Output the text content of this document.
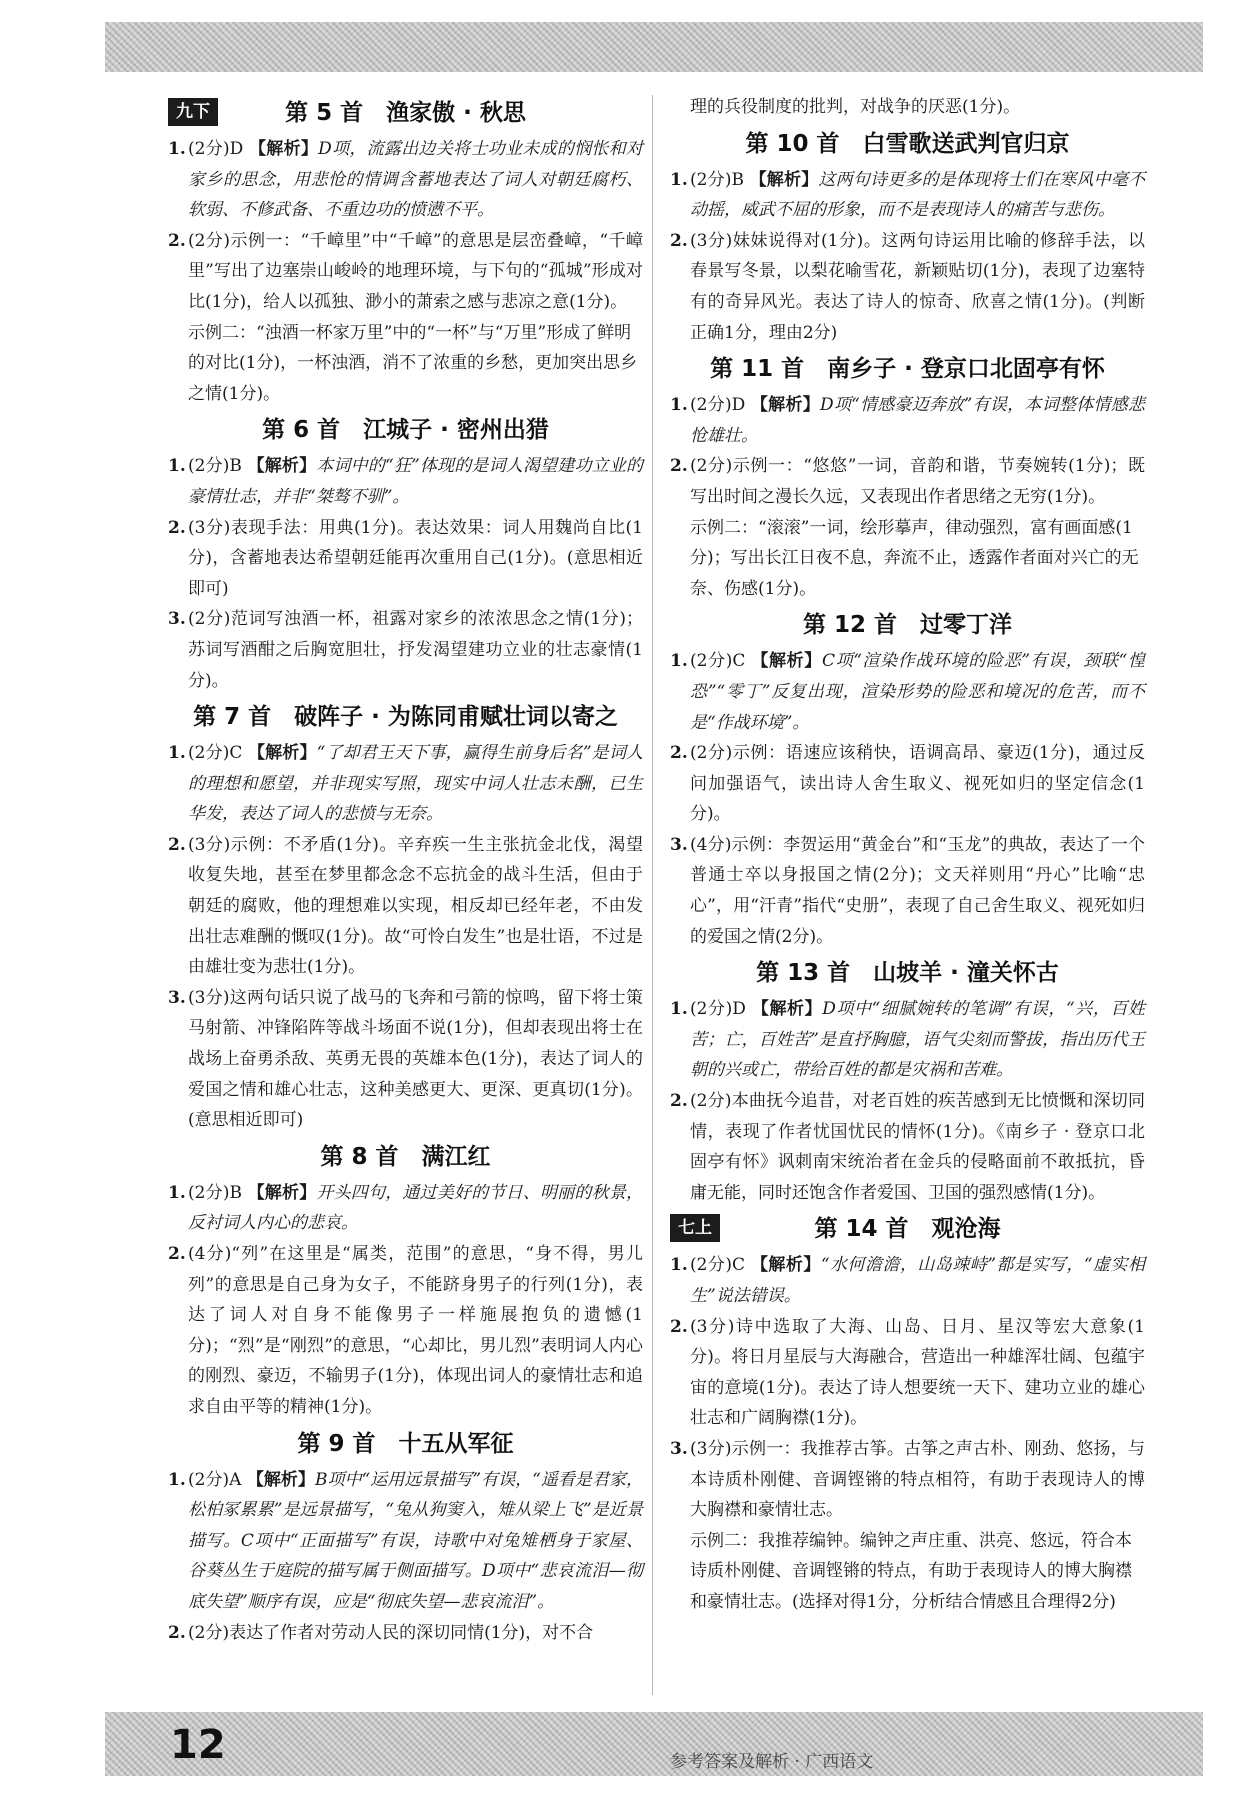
九下	第 5 首　渔家傲 · 秋思

1. (2分)D 【解析】D项，流露出边关将士功业未成的悯怅和对家乡的思念，用悲怆的情调含蓄地表达了词人对朝廷腐朽、软弱、不修武备、不重边功的愤懑不平。

2. (2分)示例一：“千嶂里”中“千嶂”的意思是层峦叠嶂，“千嶂里”写出了边塞崇山峻岭的地理环境，与下句的“孤城”形成对比(1分)，给人以孤独、渺小的萧索之感与悲凉之意(1分)。

示例二：“浊酒一杯家万里”中的“一杯”与“万里”形成了鲜明的对比(1分)，一杯浊酒，消不了浓重的乡愁，更加突出思乡之情(1分)。

第 6 首　江城子 · 密州出猎

1. (2分)B 【解析】本词中的“狂”体现的是词人渴望建功立业的豪情壮志，并非“桀骜不驯”。

2. (3分)表现手法：用典(1分)。表达效果：词人用魏尚自比(1分)，含蓄地表达希望朝廷能再次重用自己(1分)。(意思相近即可)

3. (2分)范词写浊酒一杯，祖露对家乡的浓浓思念之情(1分)；苏词写酒酣之后胸宽胆壮，抒发渴望建功立业的壮志豪情(1分)。

第 7 首　破阵子 · 为陈同甫赋壮词以寄之

1. (2分)C 【解析】“了却君王天下事，赢得生前身后名”是词人的理想和愿望，并非现实写照，现实中词人壮志未酬，已生华发，表达了词人的悲愤与无奈。

2. (3分)示例：不矛盾(1分)。辛弃疾一生主张抗金北伐，渴望收复失地，甚至在梦里都念念不忘抗金的战斗生活，但由于朝廷的腐败，他的理想难以实现，相反却已经年老，不由发出壮志难酬的慨叹(1分)。故“可怜白发生”也是壮语，不过是由雄壮变为悲壮(1分)。

3. (3分)这两句话只说了战马的飞奔和弓箭的惊鸣，留下将士策马射箭、冲锋陷阵等战斗场面不说(1分)，但却表现出将士在战场上奋勇杀敌、英勇无畏的英雄本色(1分)，表达了词人的爱国之情和雄心壮志，这种美感更大、更深、更真切(1分)。(意思相近即可)

第 8 首　满江红

1. (2分)B 【解析】开头四句，通过美好的节日、明丽的秋景，反衬词人内心的悲哀。

2. (4分)“列”在这里是“属类，范围”的意思，“身不得，男儿列”的意思是自己身为女子，不能跻身男子的行列(1分)，表达了词人对自身不能像男子一样施展抱负的遗憾(1分)；“烈”是“刚烈”的意思，“心却比，男儿烈”表明词人内心的刚烈、豪迈，不输男子(1分)，体现出词人的豪情壮志和追求自由平等的精神(1分)。

第 9 首　十五从军征

1. (2分)A 【解析】B项中“运用远景描写”有误，“遥看是君家，松柏冢累累”是远景描写，“兔从狗窦入，雉从梁上飞”是近景描写。C项中“正面描写”有误，诗歌中对兔雉栖身于家屋、谷葵丛生于庭院的描写属于侧面描写。D项中“悲哀流泪—彻底失望”顺序有误，应是“彻底失望—悲哀流泪”。

2. (2分)表达了作者对劳动人民的深切同情(1分)，对不合

理的兵役制度的批判，对战争的厌恶(1分)。

第 10 首　白雪歌送武判官归京

1. (2分)B 【解析】这两句诗更多的是体现将士们在寒风中毫不动摇，威武不屈的形象，而不是表现诗人的痛苦与悲伤。

2. (3分)妹妹说得对(1分)。这两句诗运用比喻的修辞手法，以春景写冬景，以梨花喻雪花，新颖贴切(1分)，表现了边塞特有的奇异风光。表达了诗人的惊奇、欣喜之情(1分)。(判断正确1分，理由2分)

第 11 首　南乡子 · 登京口北固亭有怀

1. (2分)D 【解析】D项“情感豪迈奔放”有误，本词整体情感悲怆雄壮。

2. (2分)示例一：“悠悠”一词，音韵和谐，节奏婉转(1分)；既写出时间之漫长久远，又表现出作者思绪之无穷(1分)。

示例二：“滚滚”一词，绘形摹声，律动强烈，富有画面感(1分)；写出长江日夜不息，奔流不止，透露作者面对兴亡的无奈、伤感(1分)。

第 12 首　过零丁洋

1. (2分)C 【解析】C项“渲染作战环境的险恶”有误，颈联“惶恐”“零丁”反复出现，渲染形势的险恶和境况的危苦，而不是“作战环境”。

2. (2分)示例：语速应该稍快，语调高昂、豪迈(1分)，通过反问加强语气，读出诗人舍生取义、视死如归的坚定信念(1分)。

3. (4分)示例：李贺运用“黄金台”和“玉龙”的典故，表达了一个普通士卒以身报国之情(2分)；文天祥则用“丹心”比喻“忠心”，用“汗青”指代“史册”，表现了自己舍生取义、视死如归的爱国之情(2分)。

第 13 首　山坡羊 · 潼关怀古

1. (2分)D 【解析】D项中“细腻婉转的笔调”有误，“兴，百姓苦；亡，百姓苦”是直抒胸臆，语气尖刻而警拔，指出历代王朝的兴或亡，带给百姓的都是灾祸和苦难。

2. (2分)本曲抚今追昔，对老百姓的疾苦感到无比愤慨和深切同情，表现了作者忧国忧民的情怀(1分)。《南乡子 · 登京口北固亭有怀》讽刺南宋统治者在金兵的侵略面前不敢抵抗，昏庸无能，同时还饱含作者爱国、卫国的强烈感情(1分)。

七上	第 14 首　观沧海

1. (2分)C 【解析】“水何澹澹，山岛竦峙”都是实写，“虚实相生”说法错误。

2. (3分)诗中选取了大海、山岛、日月、星汉等宏大意象(1分)。将日月星辰与大海融合，营造出一种雄浑壮阔、包蕴宇宙的意境(1分)。表达了诗人想要统一天下、建功立业的雄心壮志和广阔胸襟(1分)。

3. (3分)示例一：我推荐古筝。古筝之声古朴、刚劲、悠扬，与本诗质朴刚健、音调铿锵的特点相符，有助于表现诗人的博大胸襟和豪情壮志。

示例二：我推荐编钟。编钟之声庄重、洪亮、悠远，符合本诗质朴刚健、音调铿锵的特点，有助于表现诗人的博大胸襟和豪情壮志。(选择对得1分，分析结合情感且合理得2分)

12	参考答案及解析 · 广西语文
